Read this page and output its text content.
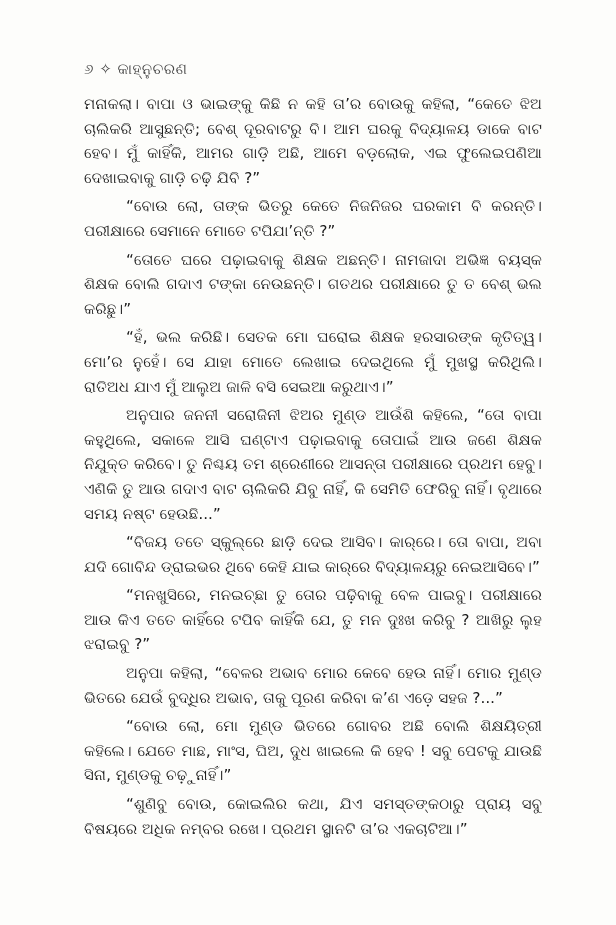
୬ ✧ କାହ୍ନୁଚରଣ

ମନାକଲା। ବାପା ଓ ଭାଇଙ୍କୁ କିଛି ନ କହି ତା’ର ବୋଉକୁ କହିଲା, “କେତେ ଝିଅ ଚାଲିକରି ଆସୁଛନ୍ତି; ବେଶ୍ ଦୂରବାଟରୁ ବି। ଆମ ଘରକୁ ବିଦ୍ୟାଳୟ ଡାକେ ବାଟ ହେବ। ମୁଁ କାହିଁକି, ଆମର ଗାଡ଼ି ଅଛି, ଆମେ ବଡ଼ଲୋକ, ଏଇ ଫୁଲେଇପଣିଆ ଦେଖାଇବାକୁ ଗାଡ଼ି ଚଢ଼ି ଯିବି ?”

“ବୋଉ ଲୋ, ତାଙ୍କ ଭିତରୁ କେତେ ନିଜନିଜର ଘରକାମ ବି କରନ୍ତି। ପରୀକ୍ଷାରେ ସେମାନେ ମୋତେ ଟପିଯା’ନ୍ତି ?”

“ତୋତେ ଘରେ ପଢ଼ାଇବାକୁ ଶିକ୍ଷକ ଅଛନ୍ତି। ନାମଜାଦା ଅଭିଜ୍ଞ ବୟସ୍କ ଶିକ୍ଷକ ବୋଲି ଗଦାଏ ଟଙ୍କା ନେଉଛନ୍ତି। ଗତଥର ପରୀକ୍ଷାରେ ତୁ ତ ବେଶ୍ ଭଲ କରିଛୁ।”

“ହଁ, ଭଲ କରିଛି। ସେତକ ମୋ ଘରୋଇ ଶିକ୍ଷକ ହରସାରଙ୍କ କୃତିତ୍ୱ। ମୋ’ର ନୁହେଁ। ସେ ଯାହା ମୋତେ ଲେଖାଇ ଦେଇଥିଲେ ମୁଁ ମୁଖସ୍ଥ କରିଥିଲି। ରାତିଅଧ ଯାଏ ମୁଁ ଆଲୁଅ ଜାଳି ବସି ସେଇଆ କରୁଥାଏ।”

ଅନୁପାର ଜନନୀ ସରୋଜିନୀ ଝିଅର ମୁଣ୍ଡ ଆଉଁଶି କହିଲେ, “ତୋ ବାପା କହୁଥିଲେ, ସକାଳେ ଆସି ଘଣ୍ଟାଏ ପଢ଼ାଇବାକୁ ତୋପାଇଁ ଆଉ ଜଣେ ଶିକ୍ଷକ ନିଯୁକ୍ତ କରିବେ। ତୁ ନିଶ୍ଚୟ ତମ ଶ୍ରେଣୀରେ ଆସନ୍ତା ପରୀକ୍ଷାରେ ପ୍ରଥମ ହେବୁ। ଏଣିକି ତୁ ଆଉ ଗଦାଏ ବାଟ ଚାଲିକରି ଯିବୁ ନାହିଁ, କି ସେମିତି ଫେରିବୁ ନାହିଁ। ବୃଥାରେ ସମୟ ନଷ୍ଟ ହେଉଛି...”

“ବିଜୟ ତତେ ସ୍କୁଲ୍‌ରେ ଛାଡ଼ି ଦେଇ ଆସିବ। କାର୍‌ରେ। ତୋ ବାପା, ଅବା ଯଦି ଗୋବିନ୍ଦ ଡ୍ରାଇଭର ଥିବେ କେହି ଯାଇ କାର୍‌ରେ ବିଦ୍ୟାଳୟରୁ ନେଇଆସିବେ।”

“ମନଖୁସିରେ, ମନଇଚ୍ଛା ତୁ ତୋର ପଢ଼ିବାକୁ ବେଳ ପାଇବୁ। ପରୀକ୍ଷାରେ ଆଉ କିଏ ତତେ କାହିଁରେ ଟପିବ କାହିଁକି ଯେ, ତୁ ମନ ଦୁଃଖ କରିବୁ ? ଆଖିରୁ ଲୁହ ଝରାଇବୁ ?”

ଅନୁପା କହିଲା, “ବେଳର ଅଭାବ ମୋର କେବେ ହେଉ ନାହିଁ। ମୋର ମୁଣ୍ଡ ଭିତରେ ଯେଉଁ ବୁଦ୍ଧିର ଅଭାବ, ତାକୁ ପୂରଣ କରିବା କ’ଣ ଏଡ଼େ ସହଜ ?...”

“ବୋଉ ଲୋ, ମୋ ମୁଣ୍ଡ ଭିତରେ ଗୋବର ଅଛି ବୋଲି ଶିକ୍ଷୟିତ୍ରୀ କହିଲେ। ଯେତେ ମାଛ, ମାଂସ, ଘିଅ, ଦୁଧ ଖାଇଲେ କି ହେବ ! ସବୁ ପେଟକୁ ଯାଉଛି ସିନା, ମୁଣ୍ଡକୁ ଚଢ଼ୁନାହିଁ।”

“ଶୁଣିବୁ ବୋଉ, କୋଇଲିର କଥା, ଯିଏ ସମସ୍ତଙ୍କଠାରୁ ପ୍ରାୟ ସବୁ ବିଷୟରେ ଅଧିକ ନମ୍ବର ରଖେ। ପ୍ରଥମ ସ୍ଥାନଟି ତା’ର ଏକଚାଟିଆ।”
